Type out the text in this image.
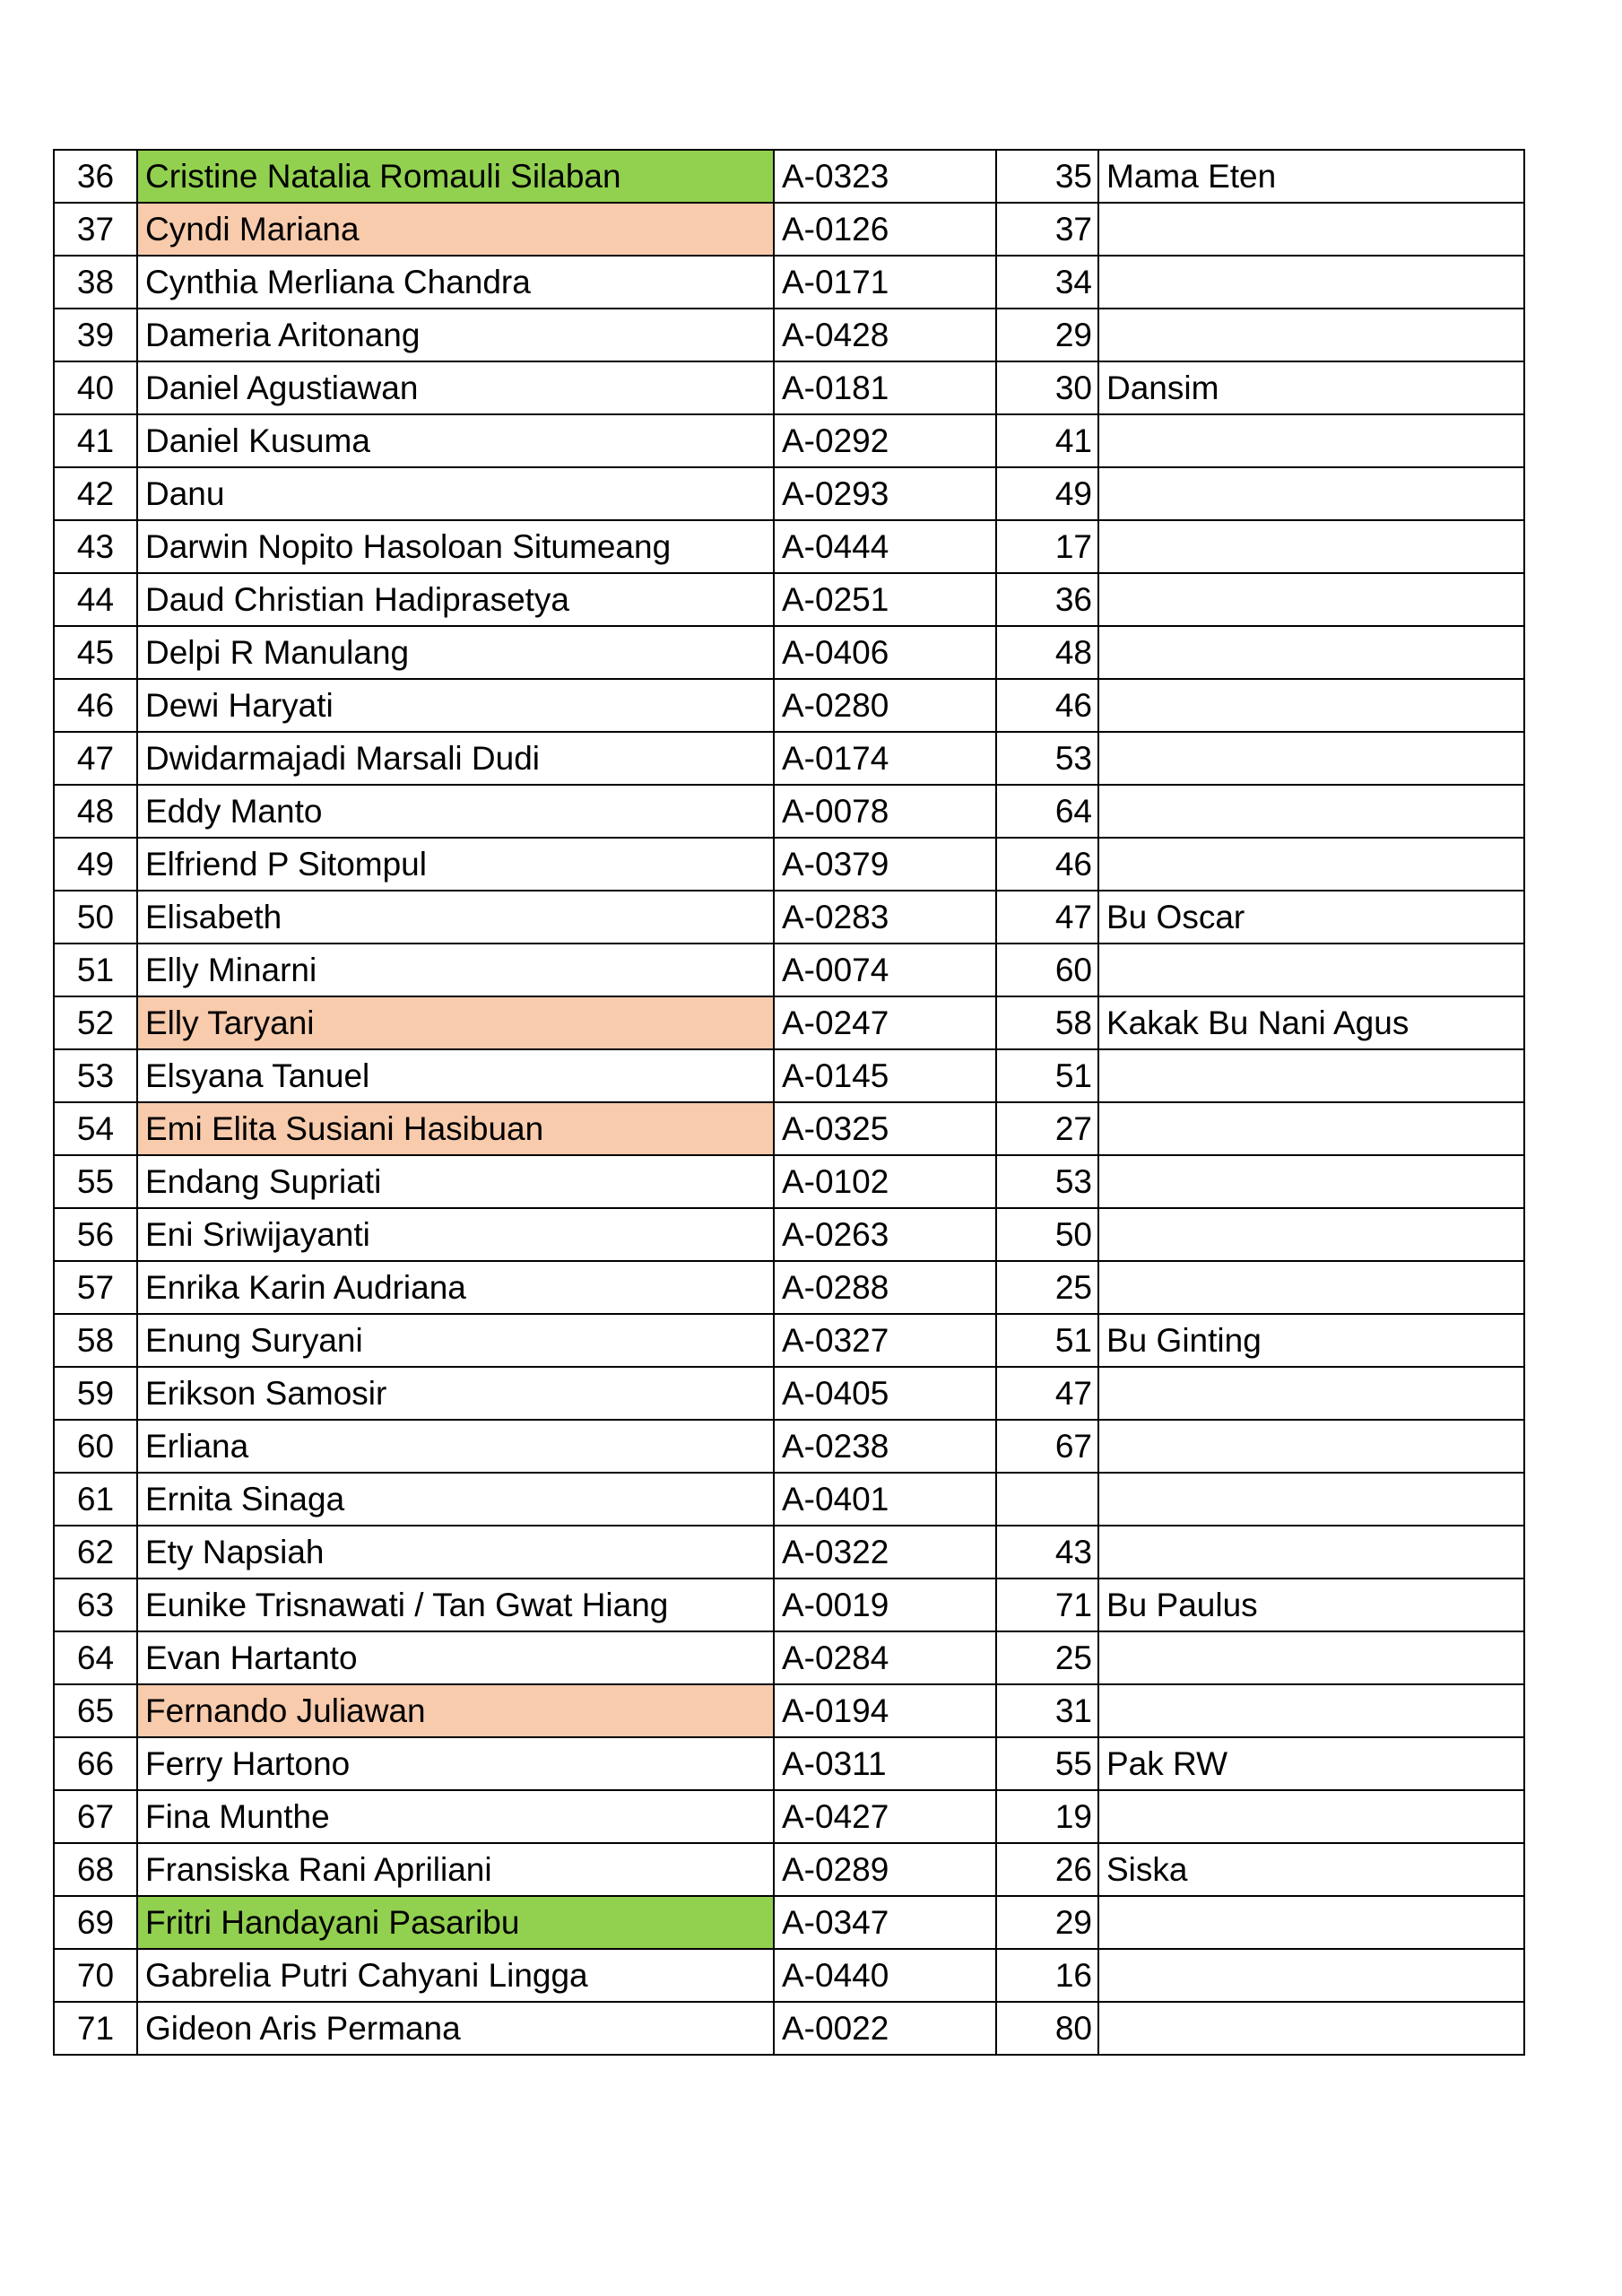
36	Cristine Natalia Romauli Silaban	A-0323	35	Mama Eten
37	Cyndi Mariana	A-0126	37	
38	Cynthia Merliana Chandra	A-0171	34	
39	Dameria Aritonang	A-0428	29	
40	Daniel Agustiawan	A-0181	30	Dansim
41	Daniel Kusuma	A-0292	41	
42	Danu	A-0293	49	
43	Darwin Nopito Hasoloan Situmeang	A-0444	17	
44	Daud Christian Hadiprasetya	A-0251	36	
45	Delpi R Manulang	A-0406	48	
46	Dewi Haryati	A-0280	46	
47	Dwidarmajadi Marsali Dudi	A-0174	53	
48	Eddy Manto	A-0078	64	
49	Elfriend P Sitompul	A-0379	46	
50	Elisabeth	A-0283	47	Bu Oscar
51	Elly Minarni	A-0074	60	
52	Elly Taryani	A-0247	58	Kakak Bu Nani Agus
53	Elsyana Tanuel	A-0145	51	
54	Emi Elita Susiani Hasibuan	A-0325	27	
55	Endang Supriati	A-0102	53	
56	Eni Sriwijayanti	A-0263	50	
57	Enrika Karin Audriana	A-0288	25	
58	Enung Suryani	A-0327	51	Bu Ginting
59	Erikson Samosir	A-0405	47	
60	Erliana	A-0238	67	
61	Ernita Sinaga	A-0401		
62	Ety Napsiah	A-0322	43	
63	Eunike Trisnawati / Tan Gwat Hiang	A-0019	71	Bu Paulus
64	Evan Hartanto	A-0284	25	
65	Fernando Juliawan	A-0194	31	
66	Ferry Hartono	A-0311	55	Pak RW
67	Fina Munthe	A-0427	19	
68	Fransiska Rani Apriliani	A-0289	26	Siska
69	Fritri Handayani Pasaribu	A-0347	29	
70	Gabrelia Putri Cahyani Lingga	A-0440	16	
71	Gideon Aris Permana	A-0022	80	
